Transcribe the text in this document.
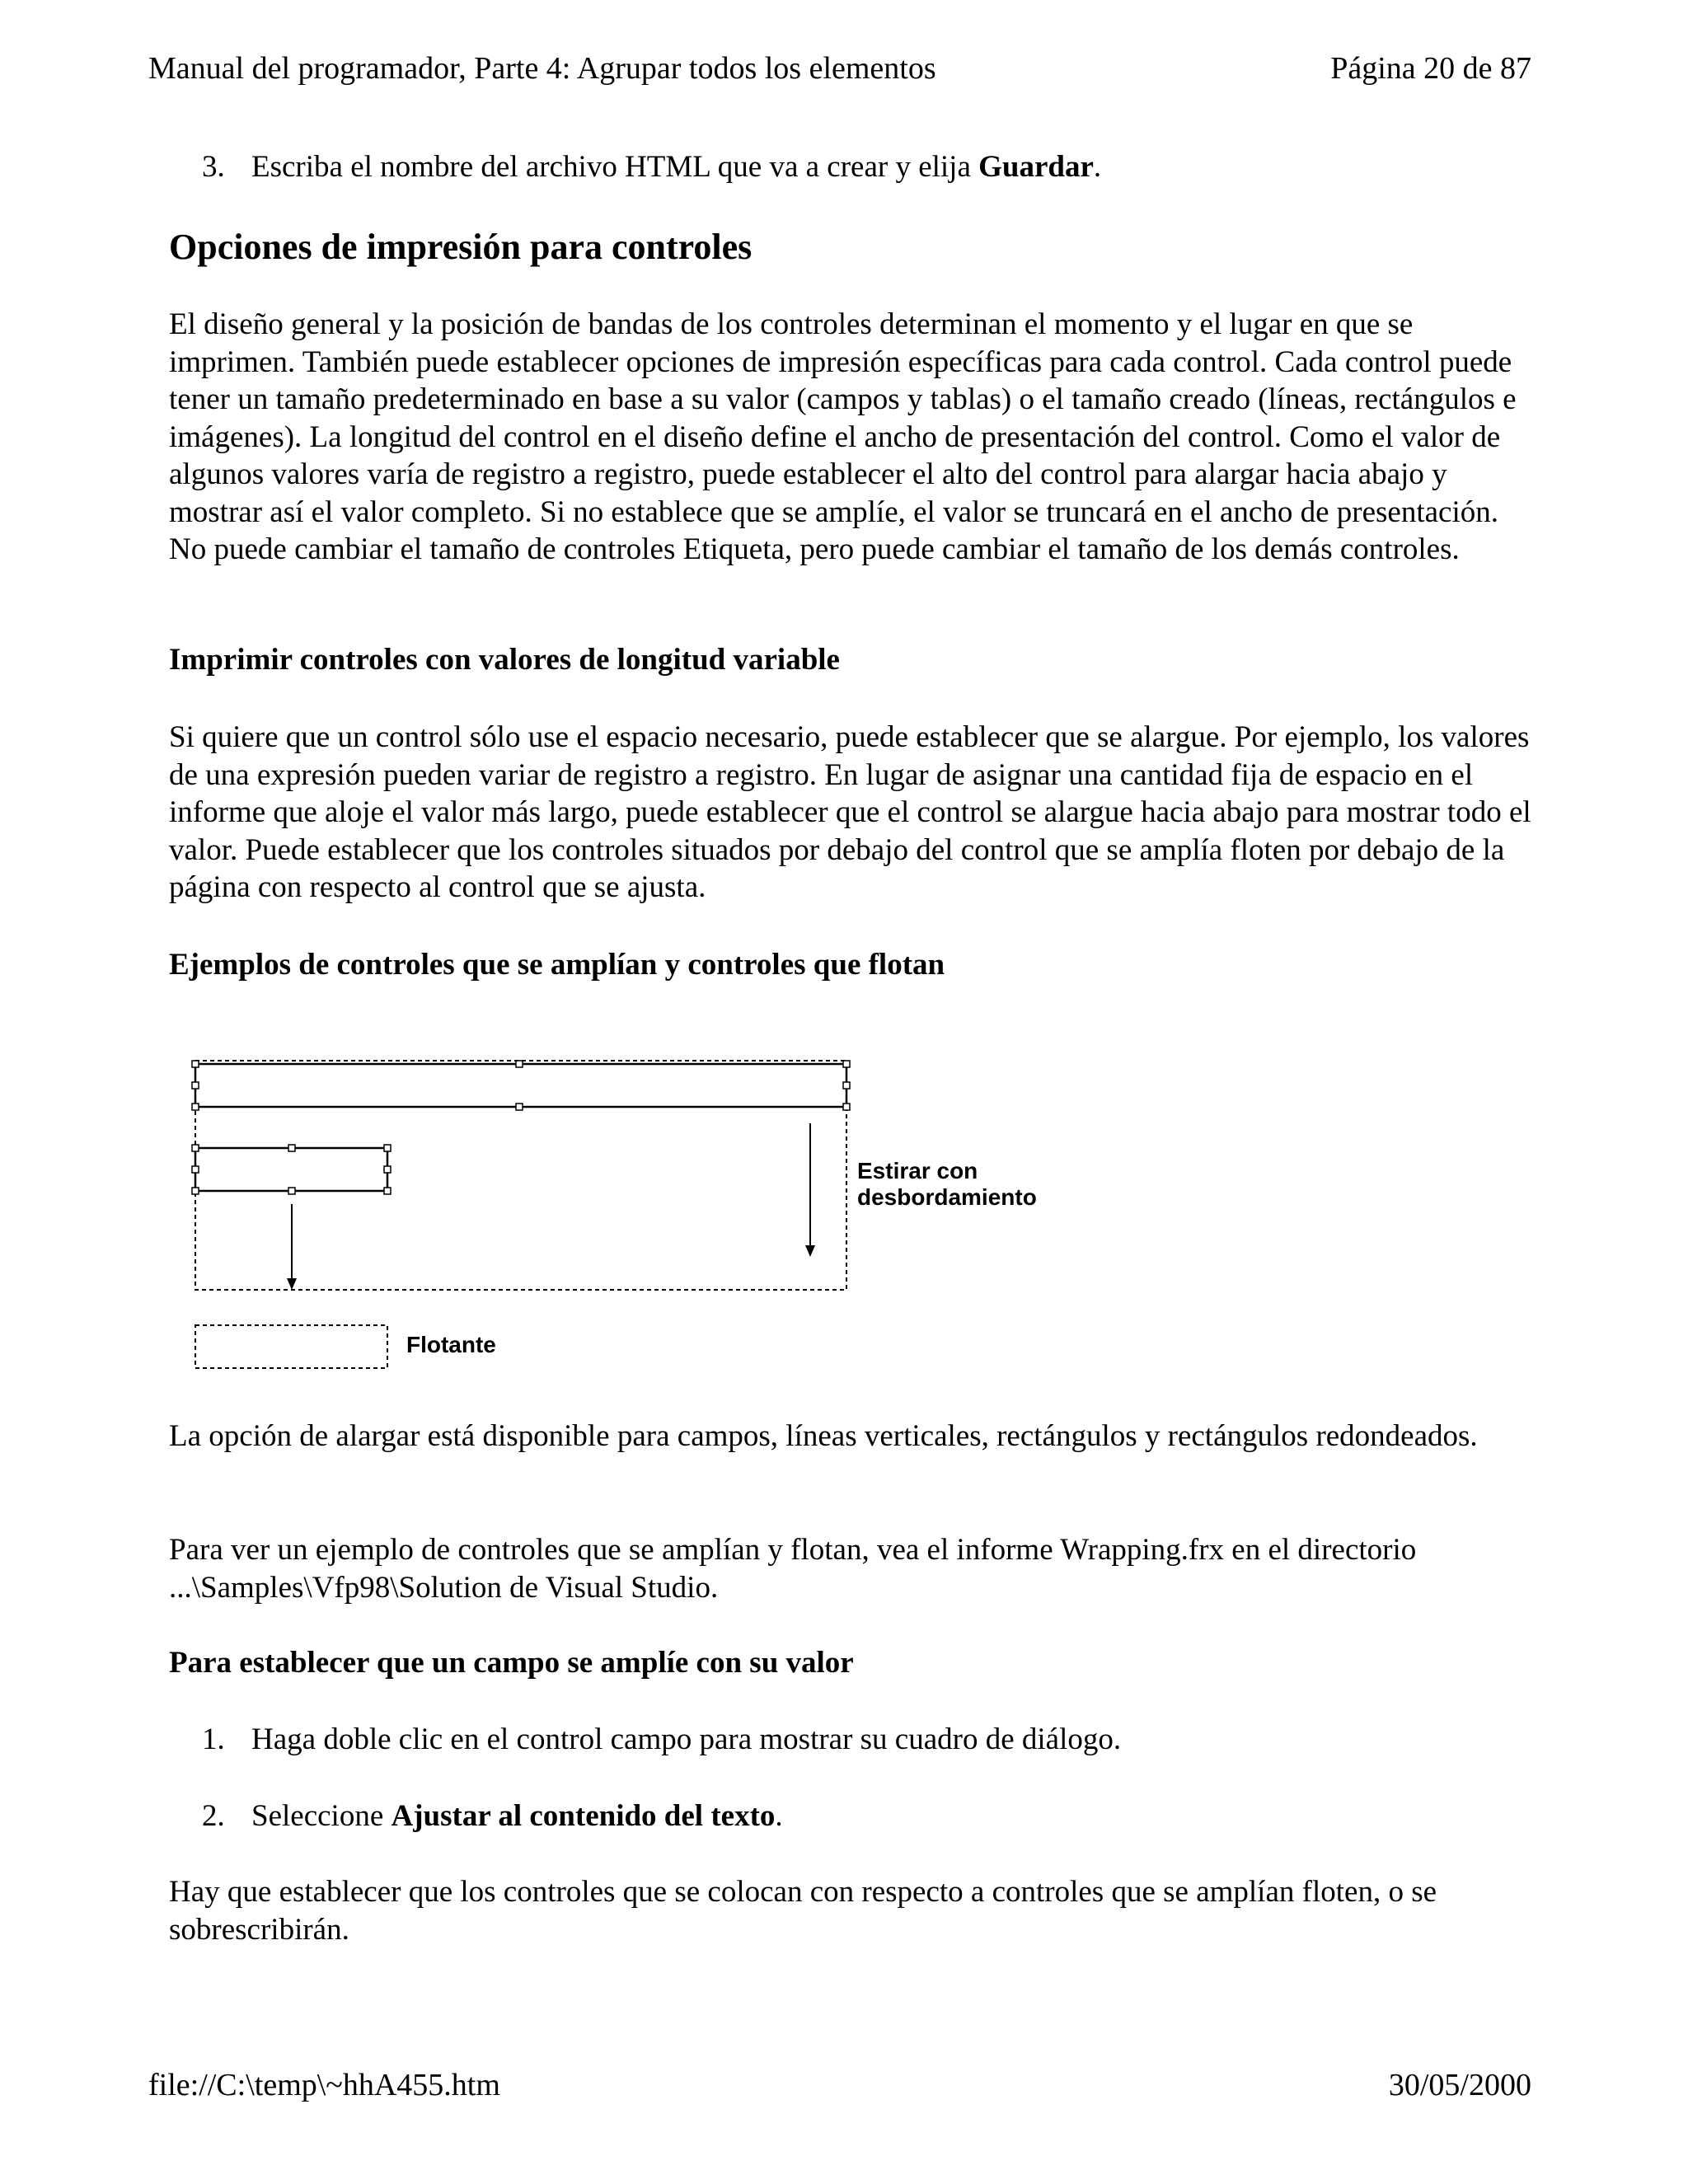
Manual del programador, Parte 4: Agrupar todos los elementos	Página 20 de 87
3. Escriba el nombre del archivo HTML que va a crear y elija Guardar.
Opciones de impresión para controles

El diseño general y la posición de bandas de los controles determinan el momento y el lugar en que se imprimen. También puede establecer opciones de impresión específicas para cada control. Cada control puede tener un tamaño predeterminado en base a su valor (campos y tablas) o el tamaño creado (líneas, rectángulos e imágenes). La longitud del control en el diseño define el ancho de presentación del control. Como el valor de algunos valores varía de registro a registro, puede establecer el alto del control para alargar hacia abajo y mostrar así el valor completo. Si no establece que se amplíe, el valor se truncará en el ancho de presentación. No puede cambiar el tamaño de controles Etiqueta, pero puede cambiar el tamaño de los demás controles.

Imprimir controles con valores de longitud variable

Si quiere que un control sólo use el espacio necesario, puede establecer que se alargue. Por ejemplo, los valores de una expresión pueden variar de registro a registro. En lugar de asignar una cantidad fija de espacio en el informe que aloje el valor más largo, puede establecer que el control se alargue hacia abajo para mostrar todo el valor. Puede establecer que los controles situados por debajo del control que se amplía floten por debajo de la página con respecto al control que se ajusta.

Ejemplos de controles que se amplían y controles que flotan

La opción de alargar está disponible para campos, líneas verticales, rectángulos y rectángulos redondeados.

Para ver un ejemplo de controles que se amplían y flotan, vea el informe Wrapping.frx en el directorio ...\Samples\Vfp98\Solution de Visual Studio.

Para establecer que un campo se amplíe con su valor
1. Haga doble clic en el control campo para mostrar su cuadro de diálogo.
2. Seleccione Ajustar al contenido del texto.

Hay que establecer que los controles que se colocan con respecto a controles que se amplían floten, o se sobrescribirán.

Estirar con
desbordamiento
Flotante
file://C:\temp\~hhA455.htm	30/05/2000
